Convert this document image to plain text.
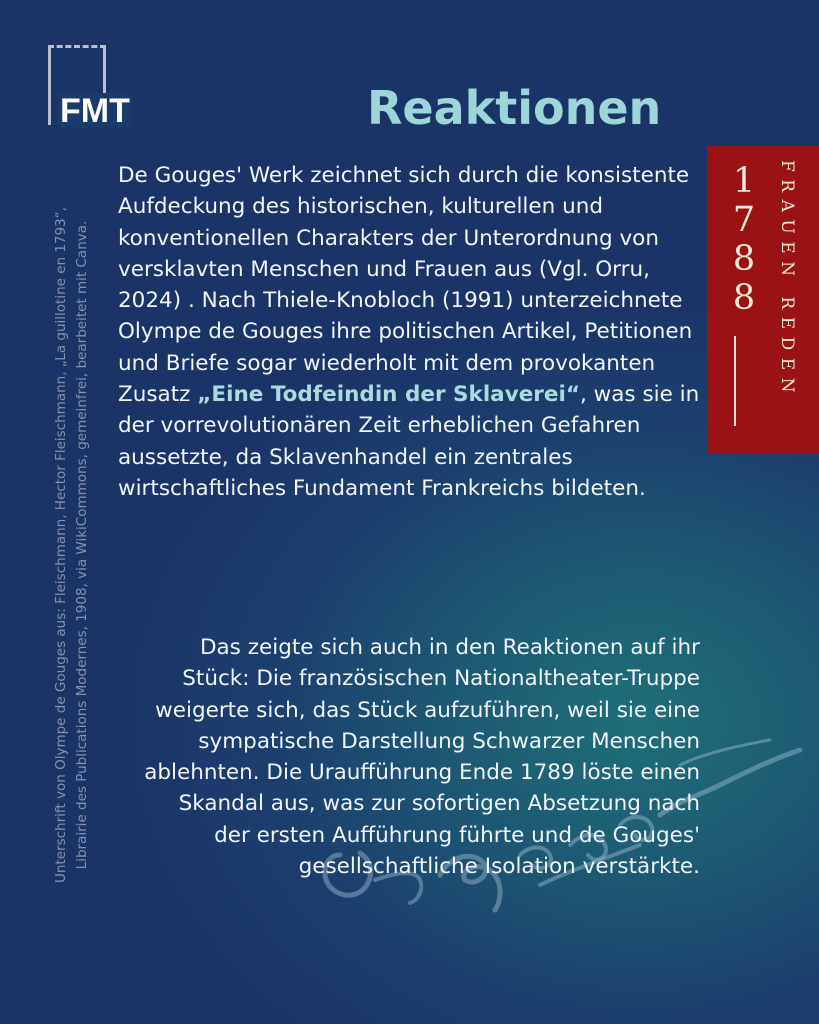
FMT	Reaktionen
Unterschrift von Olympe de Gouges aus: Fleischmann, Hector Fleischmann, „La guillotine en 1793“, Librairie des Publications Modernes, 1908, via WikiCommons, gemeinfrei, bearbeitet mit Canva.
1
7
8
8	FRAUEN REDEN

De Gouges' Werk zeichnet sich durch die konsistente Aufdeckung des historischen, kulturellen und konventionellen Charakters der Unterordnung von versklavten Menschen und Frauen aus (Vgl. Orru, 2024) . Nach Thiele-Knobloch (1991) unterzeichnete Olympe de Gouges ihre politischen Artikel, Petitionen und Briefe sogar wiederholt mit dem provokanten Zusatz „Eine Todfeindin der Sklaverei“, was sie in der vorrevolutionären Zeit erheblichen Gefahren aussetzte, da Sklavenhandel ein zentrales wirtschaftliches Fundament Frankreichs bildeten.

Das zeigte sich auch in den Reaktionen auf ihr Stück: Die französischen Nationaltheater-Truppe weigerte sich, das Stück aufzuführen, weil sie eine sympatische Darstellung Schwarzer Menschen ablehnten. Die Uraufführung Ende 1789 löste einen Skandal aus, was zur sofortigen Absetzung nach der ersten Aufführung führte und de Gouges' gesellschaftliche Isolation verstärkte.
